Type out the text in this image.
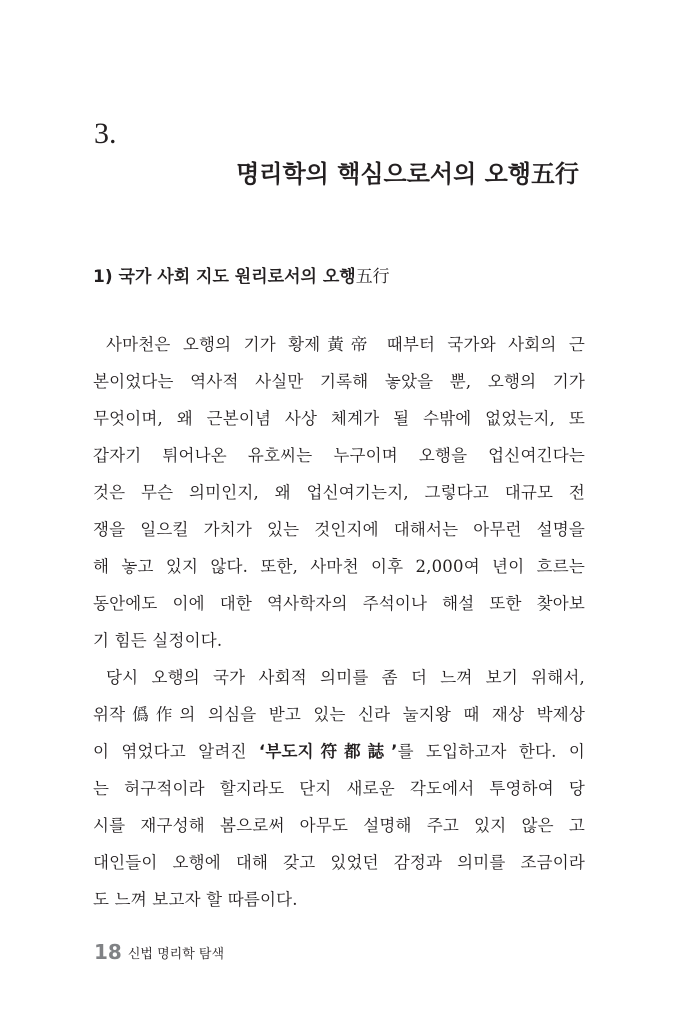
3.
명리학의 핵심으로서의 오행五行
1) 국가 사회 지도 원리로서의 오행五行
사마천은 오행의 기가 황제黃帝 때부터 국가와 사회의 근
본이었다는 역사적 사실만 기록해 놓았을 뿐, 오행의 기가
무엇이며, 왜 근본이념 사상 체계가 될 수밖에 없었는지, 또
갑자기 튀어나온 유호씨는 누구이며 오행을 업신여긴다는
것은 무슨 의미인지, 왜 업신여기는지, 그렇다고 대규모 전
쟁을 일으킬 가치가 있는 것인지에 대해서는 아무런 설명을
해 놓고 있지 않다. 또한, 사마천 이후 2,000여 년이 흐르는
동안에도 이에 대한 역사학자의 주석이나 해설 또한 찾아보
기 힘든 실정이다.
당시 오행의 국가 사회적 의미를 좀 더 느껴 보기 위해서,
위작僞作의 의심을 받고 있는 신라 눌지왕 때 재상 박제상
이 엮었다고 알려진 ‘부도지符都誌’를 도입하고자 한다. 이
는 허구적이라 할지라도 단지 새로운 각도에서 투영하여 당
시를 재구성해 봄으로써 아무도 설명해 주고 있지 않은 고
대인들이 오행에 대해 갖고 있었던 감정과 의미를 조금이라
도 느껴 보고자 할 따름이다.
18 신법 명리학 탐색
